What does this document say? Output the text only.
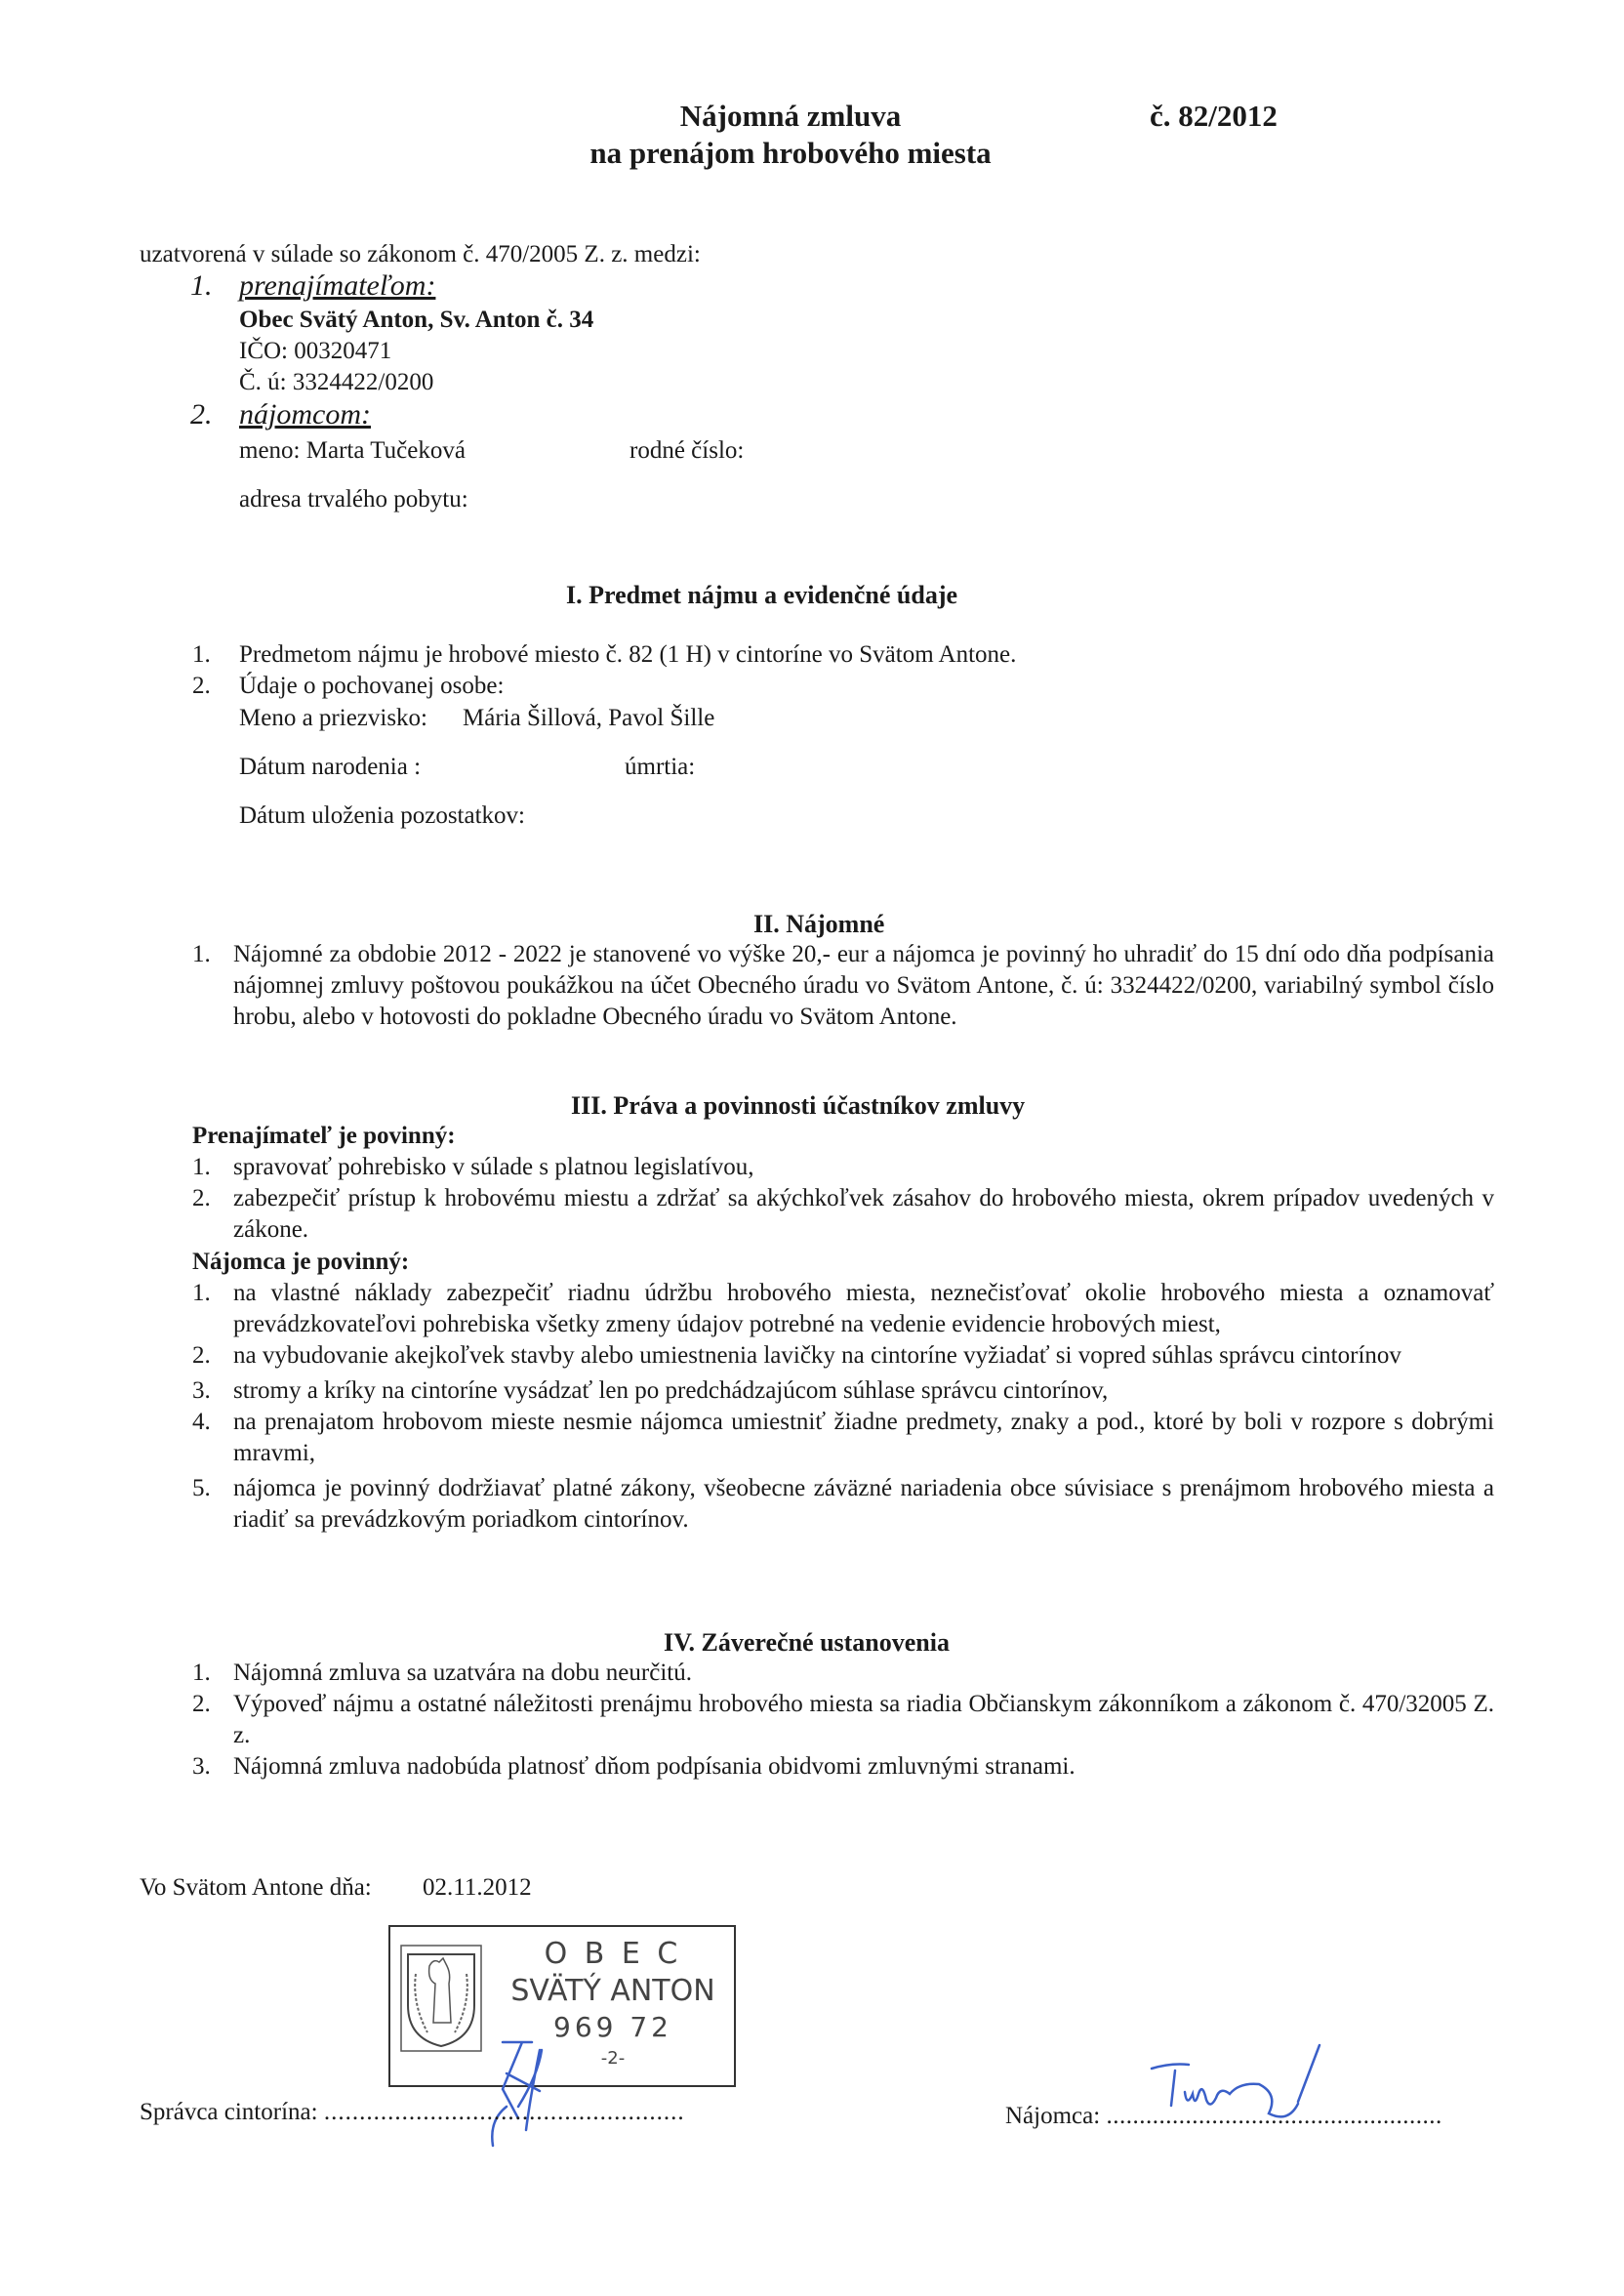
Nájomná zmluva
na prenájom hrobového miesta
č. 82/2012
uzatvorená v súlade so zákonom č. 470/2005 Z. z. medzi:
1. prenajímateľom:
Obec Svätý Anton, Sv. Anton č. 34
IČO: 00320471
Č. ú: 3324422/0200
2. nájomcom:
meno: Marta Tučeková	rodné číslo:
adresa trvalého pobytu:
I. Predmet nájmu a evidenčné údaje
1. Predmetom nájmu je hrobové miesto č. 82 (1 H) v cintoríne vo Svätom Antone.
2. Údaje o pochovanej osobe:
Meno a priezvisko: Mária Šillová, Pavol Šille
Dátum narodenia :	úmrtia:
Dátum uloženia pozostatkov:
II. Nájomné
1. Nájomné za obdobie 2012 - 2022 je stanovené vo výške 20,- eur a nájomca je povinný ho uhradiť do 15 dní odo dňa podpísania nájomnej zmluvy poštovou poukážkou na účet Obecného úradu vo Svätom Antone, č. ú: 3324422/0200, variabilný symbol číslo hrobu, alebo v hotovosti do pokladne Obecného úradu vo Svätom Antone.
III. Práva a povinnosti účastníkov zmluvy
Prenajímateľ je povinný:
1. spravovať pohrebisko v súlade s platnou legislatívou,
2. zabezpečiť prístup k hrobovému miestu a zdržať sa akýchkoľvek zásahov do hrobového miesta, okrem prípadov uvedených v zákone.
Nájomca je povinný:
1. na vlastné náklady zabezpečiť riadnu údržbu hrobového miesta, neznečisťovať okolie hrobového miesta a oznamovať prevádzkovateľovi pohrebiska všetky zmeny údajov potrebné na vedenie evidencie hrobových miest,
2. na vybudovanie akejkoľvek stavby alebo umiestnenia lavičky na cintoríne vyžiadať si vopred súhlas správcu cintorínov
3. stromy a kríky na cintoríne vysádzať len po predchádzajúcom súhlase správcu cintorínov,
4. na prenajatom hrobovom mieste nesmie nájomca umiestniť žiadne predmety, znaky a pod., ktoré by boli v rozpore s dobrými mravmi,
5. nájomca je povinný dodržiavať platné zákony, všeobecne záväzné nariadenia obce súvisiace s prenájmom hrobového miesta a riadiť sa prevádzkovým poriadkom cintorínov.
IV. Záverečné ustanovenia
1. Nájomná zmluva sa uzatvára na dobu neurčitú.
2. Výpoveď nájmu a ostatné náležitosti prenájmu hrobového miesta sa riadia Občianskym zákonníkom a zákonom č. 470/32005 Z. z.
3. Nájomná zmluva nadobúda platnosť dňom podpísania obidvomi zmluvnými stranami.
Vo Svätom Antone dňa: 02.11.2012
O B E C
SVÄTÝ ANTON
969 72
-2-
Správca cintorína: ...................................................	Nájomca: ...................................................
